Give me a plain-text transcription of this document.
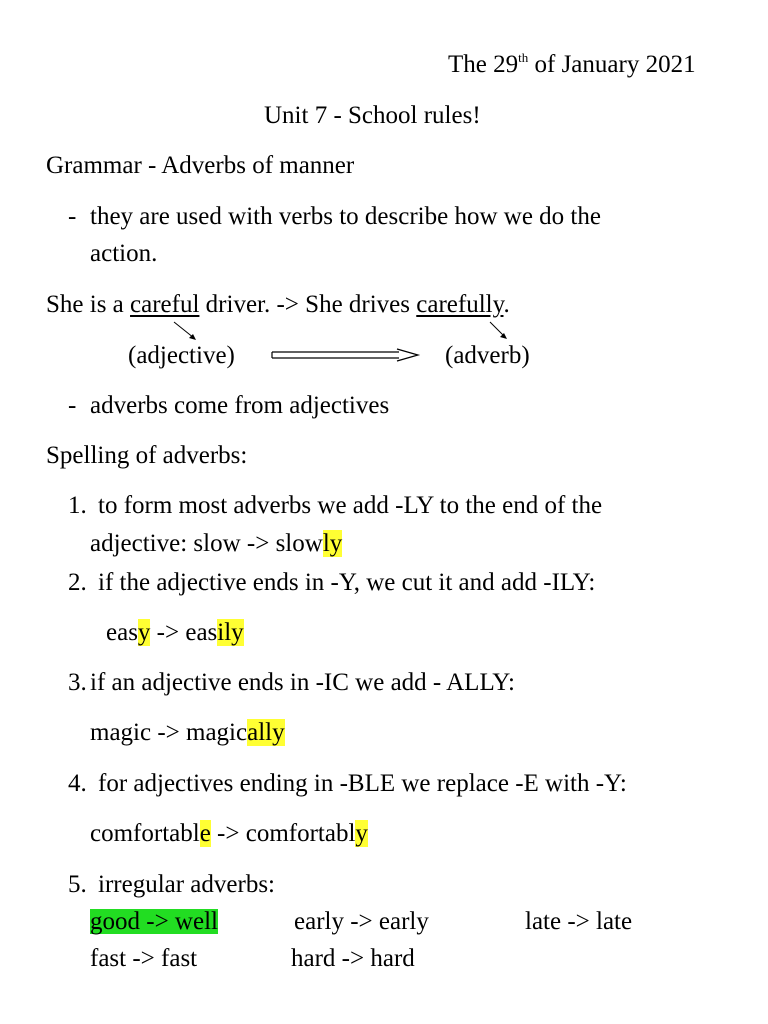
The 29th of January 2021
Unit 7 - School rules!
Grammar - Adverbs of manner
- they are used with verbs to describe how we do the
action.
She is a careful driver. -> She drives carefully.
(adjective)	(adverb)
- adverbs come from adjectives
Spelling of adverbs:
1. to form most adverbs we add -LY to the end of the
adjective: slow -> slowly
2. if the adjective ends in -Y, we cut it and add -ILY:
easy -> easily
3. if an adjective ends in -IC we add - ALLY:
magic -> magically
4. for adjectives ending in -BLE we replace -E with -Y:
comfortable -> comfortably
5. irregular adverbs:
good -> well	early -> early	late -> late
fast -> fast	hard -> hard
